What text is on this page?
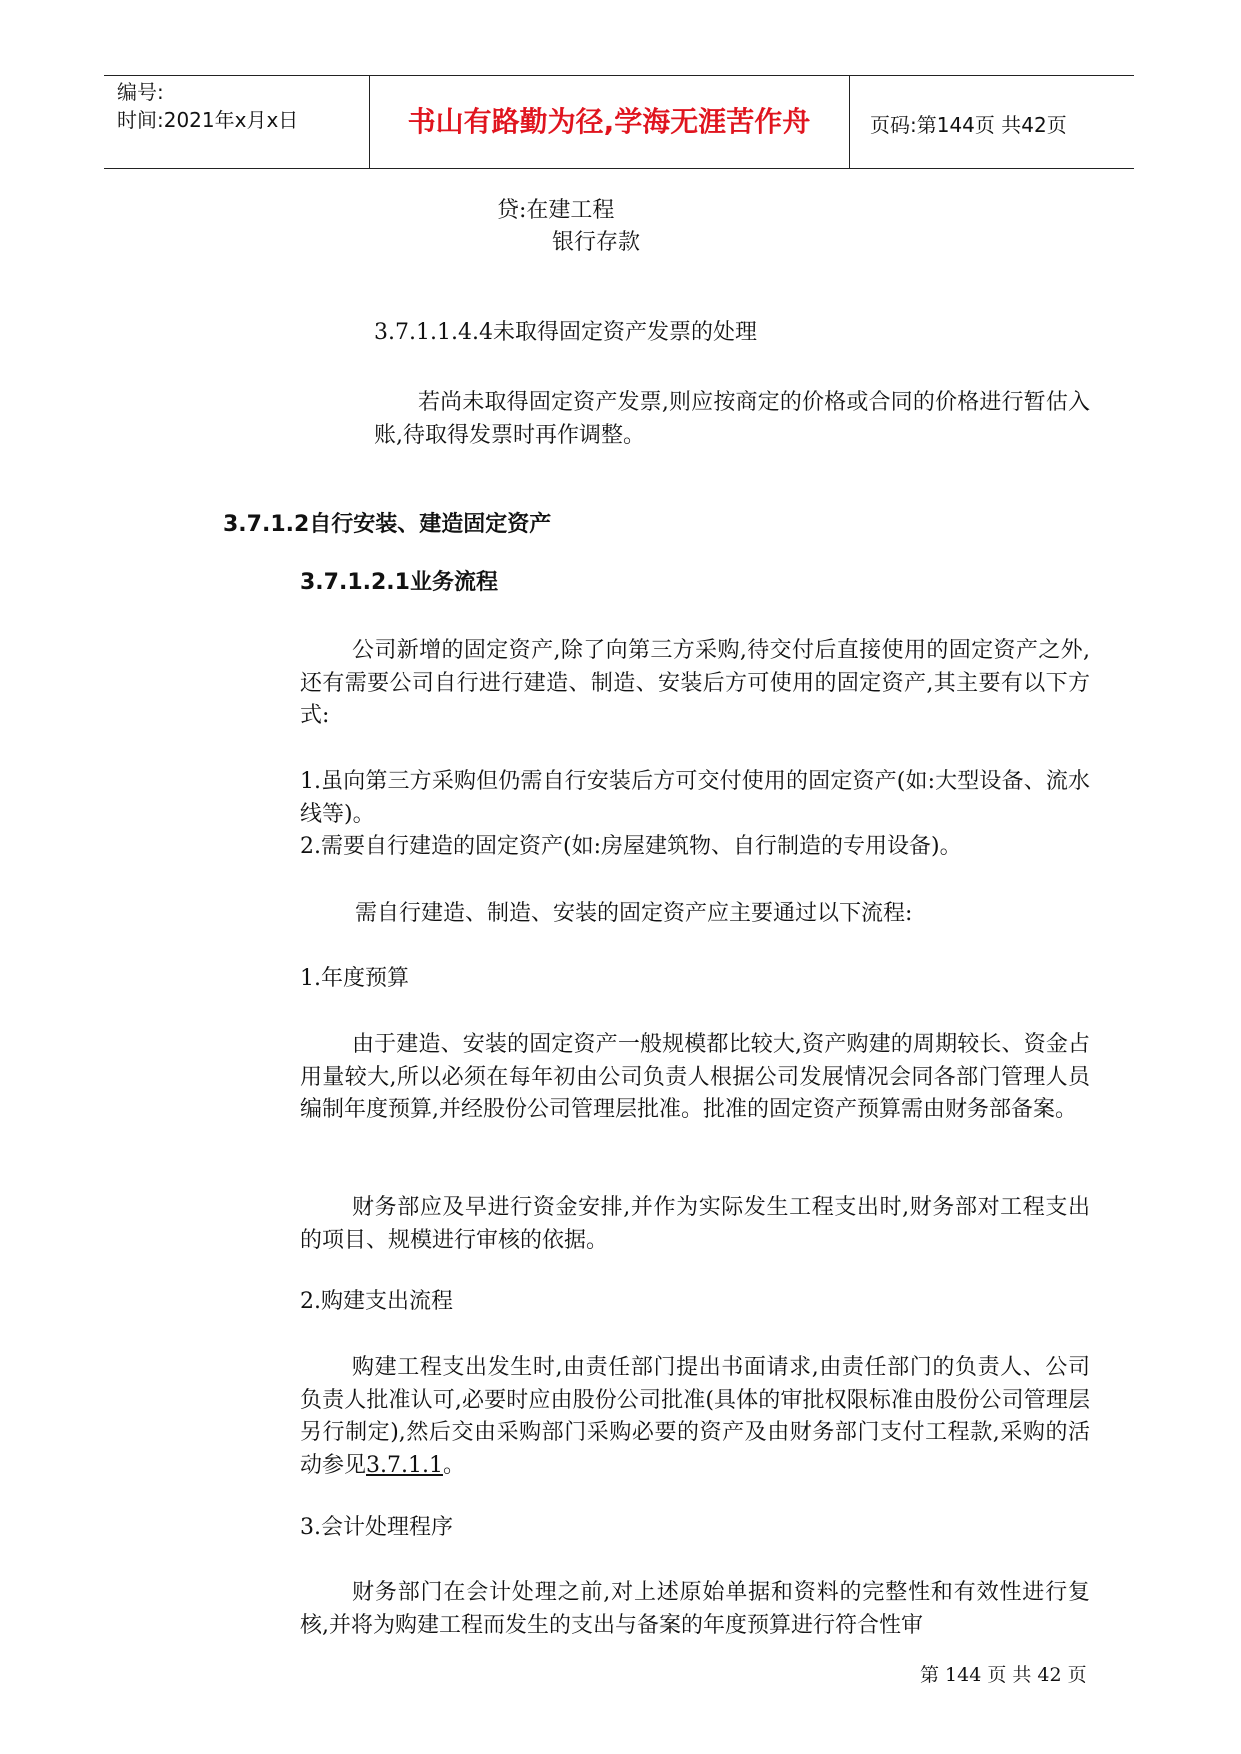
编号:
时间:2021年x月x日	书山有路勤为径,学海无涯苦作舟	页码:第144页 共42页
贷:在建工程
银行存款
3.7.1.1.4.4未取得固定资产发票的处理
若尚未取得固定资产发票,则应按商定的价格或合同的价格进行暂估入账,待取得发票时再作调整。
3.7.1.2自行安装、建造固定资产
3.7.1.2.1业务流程
公司新增的固定资产,除了向第三方采购,待交付后直接使用的固定资产之外,还有需要公司自行进行建造、制造、安装后方可使用的固定资产,其主要有以下方式:
1.虽向第三方采购但仍需自行安装后方可交付使用的固定资产(如:大型设备、流水线等)。
2.需要自行建造的固定资产(如:房屋建筑物、自行制造的专用设备)。
需自行建造、制造、安装的固定资产应主要通过以下流程:
1.年度预算
由于建造、安装的固定资产一般规模都比较大,资产购建的周期较长、资金占用量较大,所以必须在每年初由公司负责人根据公司发展情况会同各部门管理人员编制年度预算,并经股份公司管理层批准。批准的固定资产预算需由财务部备案。
财务部应及早进行资金安排,并作为实际发生工程支出时,财务部对工程支出的项目、规模进行审核的依据。
2.购建支出流程
购建工程支出发生时,由责任部门提出书面请求,由责任部门的负责人、公司负责人批准认可,必要时应由股份公司批准(具体的审批权限标准由股份公司管理层另行制定),然后交由采购部门采购必要的资产及由财务部门支付工程款,采购的活动参见3.7.1.1。
3.会计处理程序
财务部门在会计处理之前,对上述原始单据和资料的完整性和有效性进行复核,并将为购建工程而发生的支出与备案的年度预算进行符合性审
第 144 页 共 42 页
